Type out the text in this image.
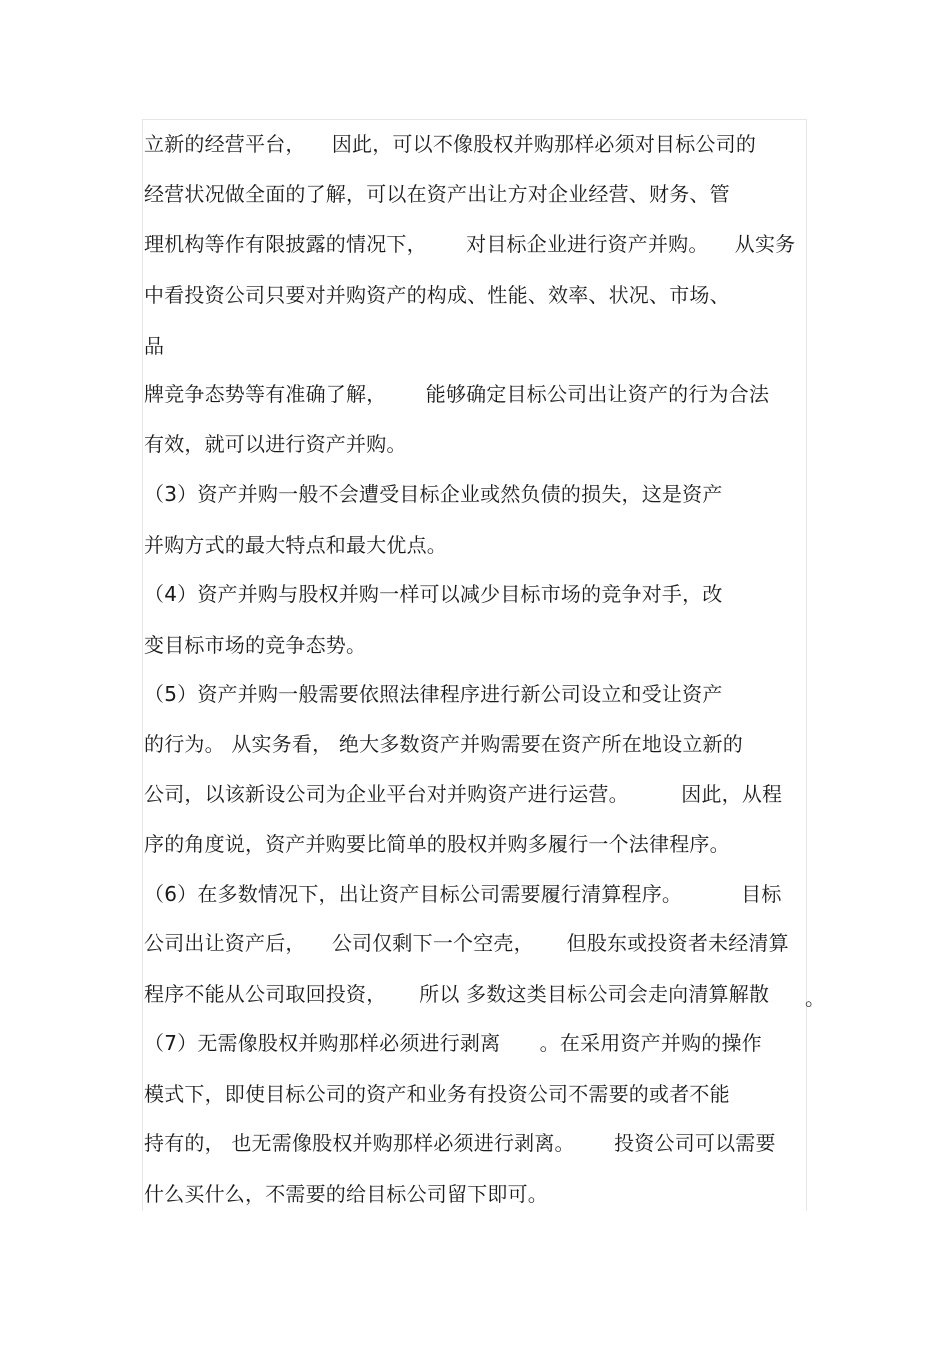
立新的经营平台，    因此，可以不像股权并购那样必须对目标公司的
经营状况做全面的了解，可以在资产出让方对企业经营、财务、管
理机构等作有限披露的情况下，      对目标企业进行资产并购。    从实务
中看投资公司只要对并购资产的构成、性能、效率、状况、市场、
品
牌竞争态势等有准确了解，      能够确定目标公司出让资产的行为合法
有效，就可以进行资产并购。
（3）资产并购一般不会遭受目标企业或然负债的损失，这是资产
并购方式的最大特点和最大优点。
（4）资产并购与股权并购一样可以减少目标市场的竞争对手，改
变目标市场的竞争态势。
（5）资产并购一般需要依照法律程序进行新公司设立和受让资产
的行为。 从实务看， 绝大多数资产并购需要在资产所在地设立新的
公司，以该新设公司为企业平台对并购资产进行运营。        因此，从程
序的角度说，资产并购要比简单的股权并购多履行一个法律程序。
（6）在多数情况下，出让资产目标公司需要履行清算程序。         目标
公司出让资产后，    公司仅剩下一个空壳，     但股东或投资者未经清算
程序不能从公司取回投资，     所以 多数这类目标公司会走向清算解散
（7）无需像股权并购那样必须进行剥离      。在采用资产并购的操作
模式下，即使目标公司的资产和业务有投资公司不需要的或者不能
持有的， 也无需像股权并购那样必须进行剥离。      投资公司可以需要
什么买什么，不需要的给目标公司留下即可。
。
